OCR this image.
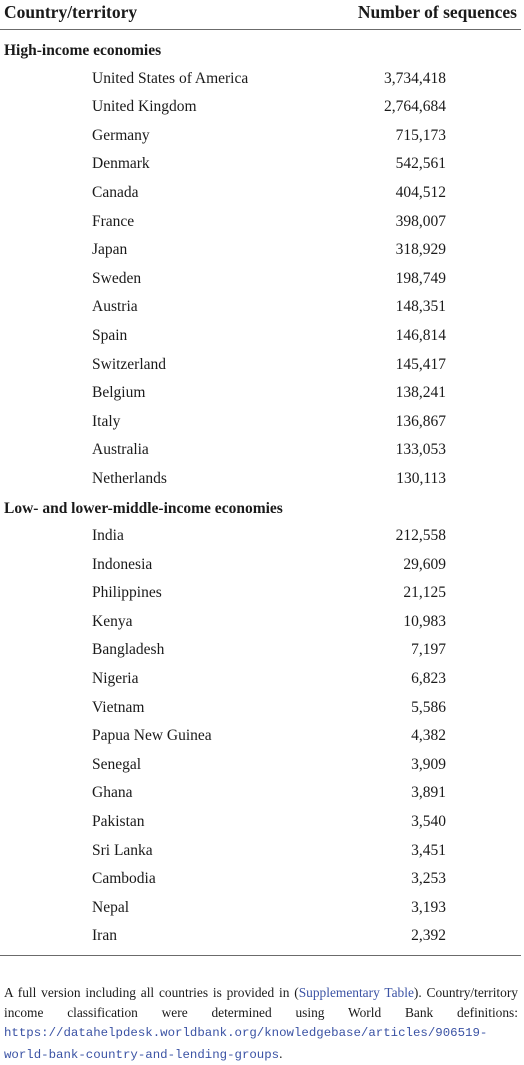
Country/territory	Number of sequences
High-income economies
United States of America	3,734,418
United Kingdom	2,764,684
Germany	715,173
Denmark	542,561
Canada	404,512
France	398,007
Japan	318,929
Sweden	198,749
Austria	148,351
Spain	146,814
Switzerland	145,417
Belgium	138,241
Italy	136,867
Australia	133,053
Netherlands	130,113
Low- and lower-middle-income economies
India	212,558
Indonesia	29,609
Philippines	21,125
Kenya	10,983
Bangladesh	7,197
Nigeria	6,823
Vietnam	5,586
Papua New Guinea	4,382
Senegal	3,909
Ghana	3,891
Pakistan	3,540
Sri Lanka	3,451
Cambodia	3,253
Nepal	3,193
Iran	2,392
A full version including all countries is provided in (Supplementary Table). Country/territory income classification were determined using World Bank definitions: https://datahelpdesk.worldbank.org/knowledgebase/articles/906519-world-bank-country-and-lending-groups.
